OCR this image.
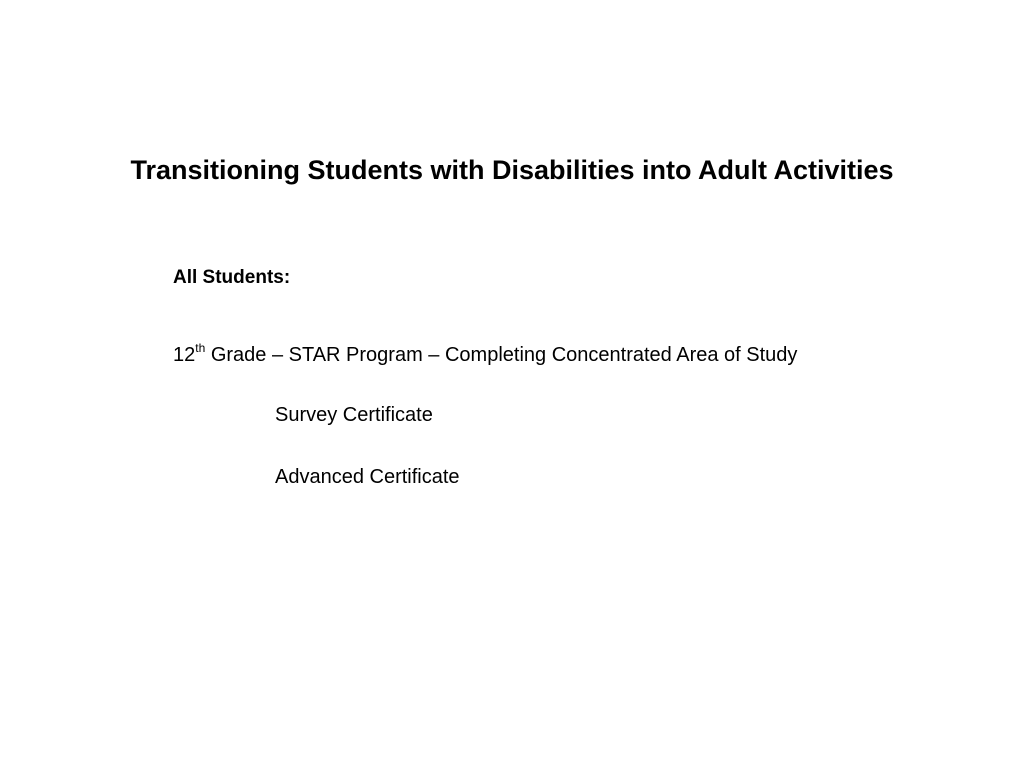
Transitioning Students with Disabilities into Adult Activities
All Students:
12th Grade – STAR Program – Completing Concentrated Area of Study
Survey Certificate
Advanced Certificate
